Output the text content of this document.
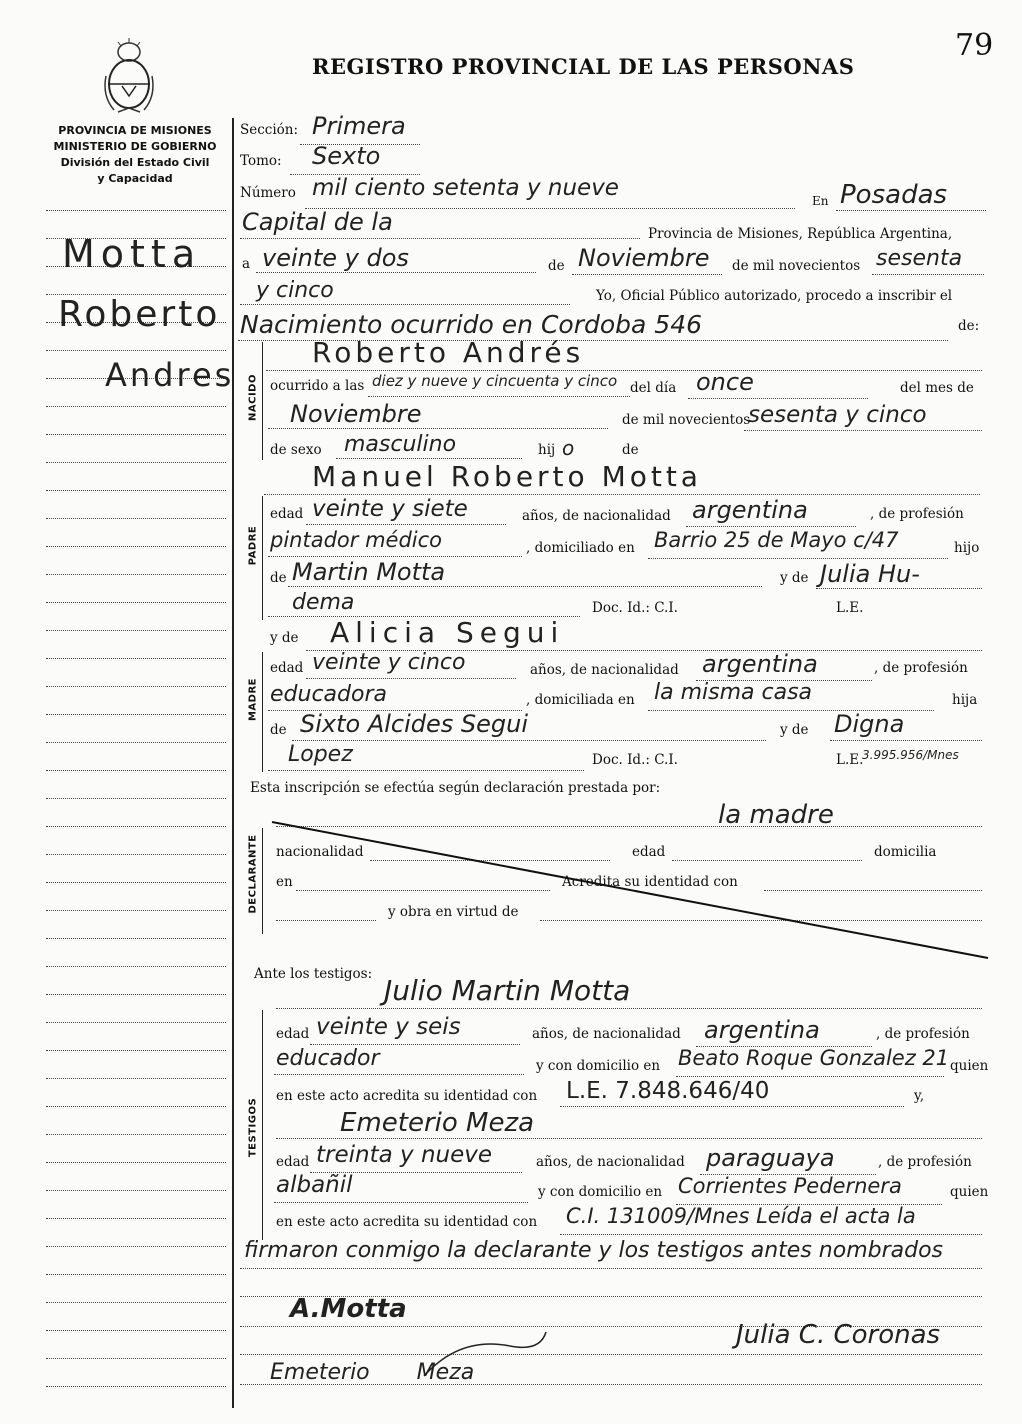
79
REGISTRO PROVINCIAL DE LAS PERSONAS
PROVINCIA DE MISIONES
MINISTERIO DE GOBIERNO
División del Estado Civil
y Capacidad
Motta
Roberto
Andres
Sección: Primera
Tomo: Sexto
Número mil ciento setenta y nueve	En Posadas
Capital de la	Provincia de Misiones, República Argentina,
a veinte y dos	de Noviembre de mil novecientos sesenta
y cinco	Yo, Oficial Público autorizado, procedo a inscribir el
Nacimiento ocurrido en Cordoba 546	de:
NACIDO
Roberto Andrés
ocurrido a las diez y nueve y cincuenta y cinco del día once	del mes de
Noviembre	de mil novecientos
sesenta y cinco
de sexo masculino	hij o	de
Manuel Roberto Motta
PADRE
edad veinte y siete	años, de nacionalidad argentina	, de profesión
pintador médico	, domiciliado en Barrio 25 de Mayo c/47	hijo
de Martin Motta	y de Julia Hu-
dema	Doc. Id.: C.I.	L.E.
y de Alicia Segui
MADRE
edad veinte y cinco	años, de nacionalidad argentina	, de profesión
educadora	, domiciliada en la misma casa	hija
de Sixto Alcides Segui	y de Digna
Lopez	Doc. Id.: C.I.	L.E.
3.995.956/Mnes
Esta inscripción se efectúa según declaración prestada por:
la madre
DECLARANTE nacionalidad	edad	domicilia
en	Acredita su identidad con
y obra en virtud de
Ante los testigos: Julio Martin Motta
TESTIGOS
edad veinte y seis	años, de nacionalidad argentina	, de profesión
educador	y con domicilio en Beato Roque Gonzalez 21 quien
en este acto acredita su identidad con L.E. 7.848.646/40	y,
Emeterio Meza
edad treinta y nueve	años, de nacionalidad paraguaya	, de profesión
albañil	y con domicilio en Corrientes Pedernera	quien
en este acto acredita su identidad con C.I. 131009/Mnes Leída el acta la
firmaron conmigo la declarante y los testigos antes nombrados
A.Motta
Emeterio Meza
Julia C. Coronas
